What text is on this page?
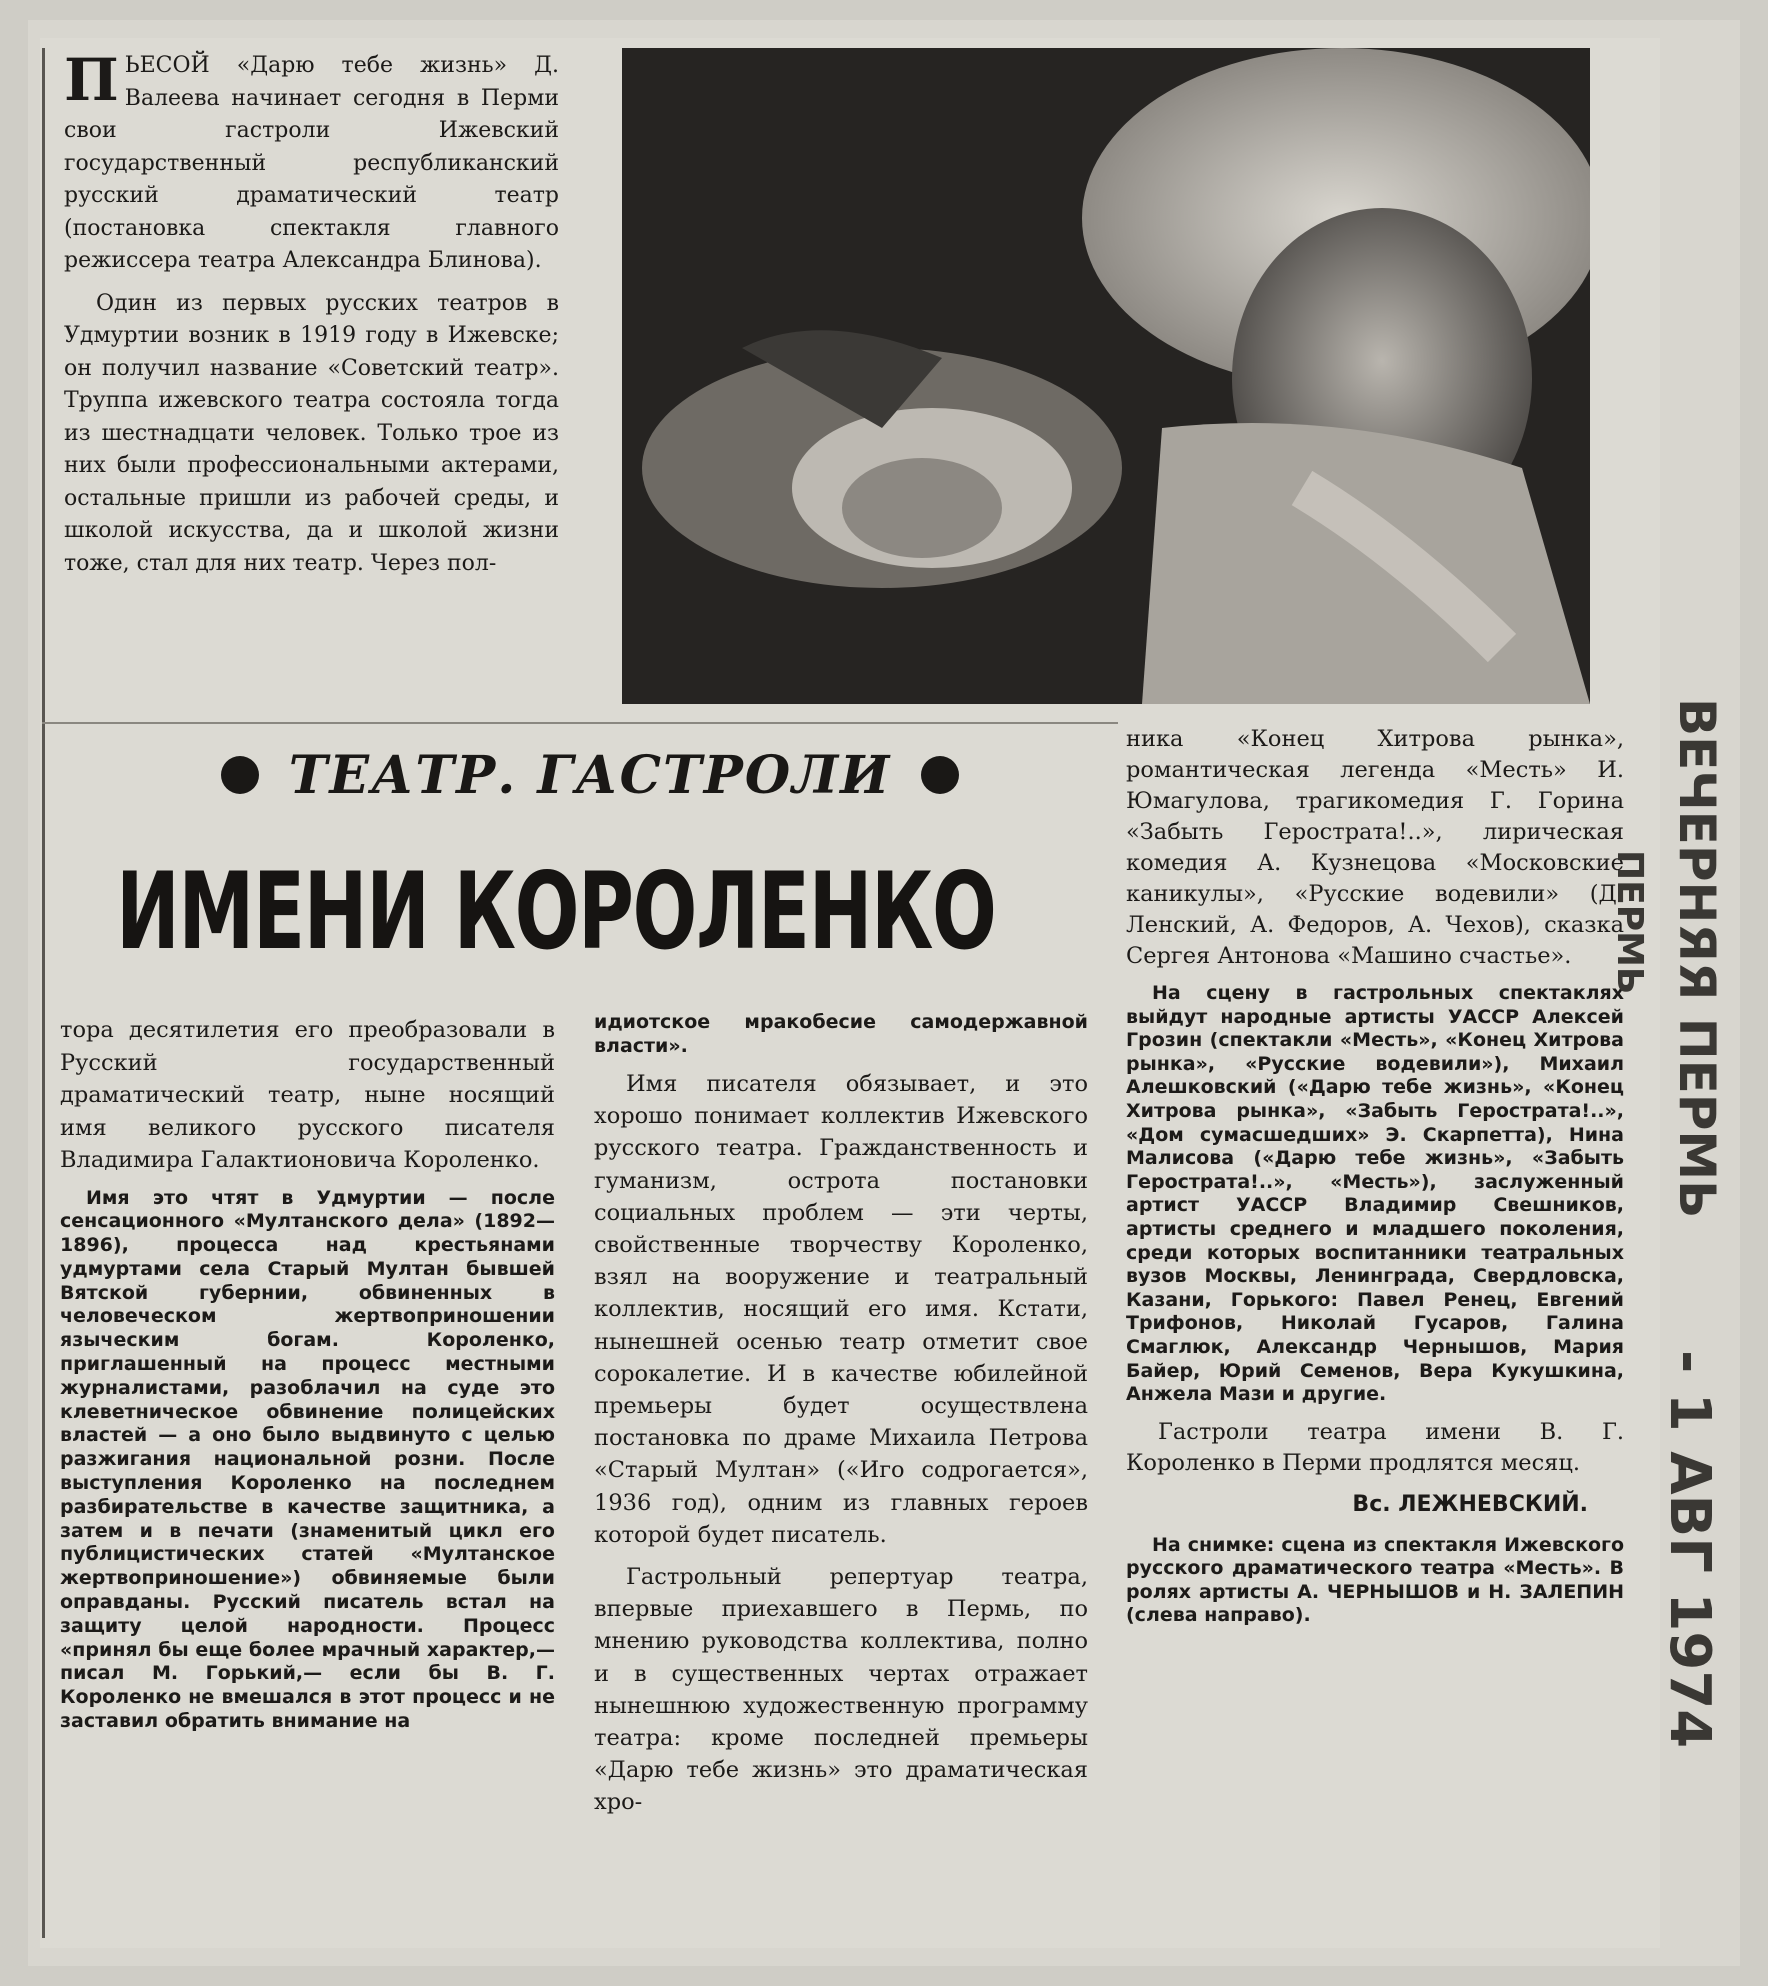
ПЬЕСОЙ «Дарю тебе жизнь» Д. Валеева начинает сегодня в Перми свои гастроли Ижевский государственный республиканский русский драматический театр (постановка спектакля главного режиссера театра Александра Блинова).

Один из первых русских театров в Удмуртии возник в 1919 году в Ижевске; он получил название «Советский театр». Труппа ижевского театра состояла тогда из шестнадцати человек. Только трое из них были профессиональными актерами, остальные пришли из рабочей среды, и школой искусства, да и школой жизни тоже, стал для них театр. Через пол-

ТЕАТР. ГАСТРОЛИ
ИМЕНИ КОРОЛЕНКО

тора десятилетия его преобразовали в Русский государственный драматический театр, ныне носящий имя великого русского писателя Владимира Галактионовича Короленко.

Имя это чтят в Удмуртии — после сенсационного «Мултанского дела» (1892—1896), процесса над крестьянами удмуртами села Старый Мултан бывшей Вятской губернии, обвиненных в человеческом жертвоприношении языческим богам. Короленко, приглашенный на процесс местными журналистами, разоблачил на суде это клеветническое обвинение полицейских властей — а оно было выдвинуто с целью разжигания национальной розни. После выступления Короленко на последнем разбирательстве в качестве защитника, а затем и в печати (знаменитый цикл его публицистических статей «Мултанское жертвоприношение») обвиняемые были оправданы. Русский писатель встал на защиту целой народности. Процесс «принял бы еще более мрачный характер,— писал М. Горький,— если бы В. Г. Короленко не вмешался в этот процесс и не заставил обратить внимание на

идиотское мракобесие самодержавной власти».

Имя писателя обязывает, и это хорошо понимает коллектив Ижевского русского театра. Гражданственность и гуманизм, острота постановки социальных проблем — эти черты, свойственные творчеству Короленко, взял на вооружение и театральный коллектив, носящий его имя. Кстати, нынешней осенью театр отметит свое сорокалетие. И в качестве юбилейной премьеры будет осуществлена постановка по драме Михаила Петрова «Старый Мултан» («Иго содрогается», 1936 год), одним из главных героев которой будет писатель.

Гастрольный репертуар театра, впервые приехавшего в Пермь, по мнению руководства коллектива, полно и в существенных чертах отражает нынешнюю художественную программу театра: кроме последней премьеры «Дарю тебе жизнь» это драматическая хро-

ника «Конец Хитрова рынка», романтическая легенда «Месть» И. Юмагулова, трагикомедия Г. Горина «Забыть Герострата!..», лирическая комедия А. Кузнецова «Московские каникулы», «Русские водевили» (Д. Ленский, А. Федоров, А. Чехов), сказка Сергея Антонова «Машино счастье».

На сцену в гастрольных спектаклях выйдут народные артисты УАССР Алексей Грозин (спектакли «Месть», «Конец Хитрова рынка», «Русские водевили»), Михаил Алешковский («Дарю тебе жизнь», «Конец Хитрова рынка», «Забыть Герострата!..», «Дом сумасшедших» Э. Скарпетта), Нина Малисова («Дарю тебе жизнь», «Забыть Герострата!..», «Месть»), заслуженный артист УАССР Владимир Свешников, артисты среднего и младшего поколения, среди которых воспитанники театральных вузов Москвы, Ленинграда, Свердловска, Казани, Горького: Павел Ренец, Евгений Трифонов, Николай Гусаров, Галина Смаглюк, Александр Чернышов, Мария Байер, Юрий Семенов, Вера Кукушкина, Анжела Мази и другие.

Гастроли театра имени В. Г. Короленко в Перми продлятся месяц.

Вс. ЛЕЖНЕВСКИЙ.

На снимке: сцена из спектакля Ижевского русского драматического театра «Месть». В ролях артисты А. ЧЕРНЫШОВ и Н. ЗАЛЕПИН (слева направо).

ВЕЧЕРНЯЯ ПЕРМЬ
ПЕРМЬ
- 1 АВГ 1974
